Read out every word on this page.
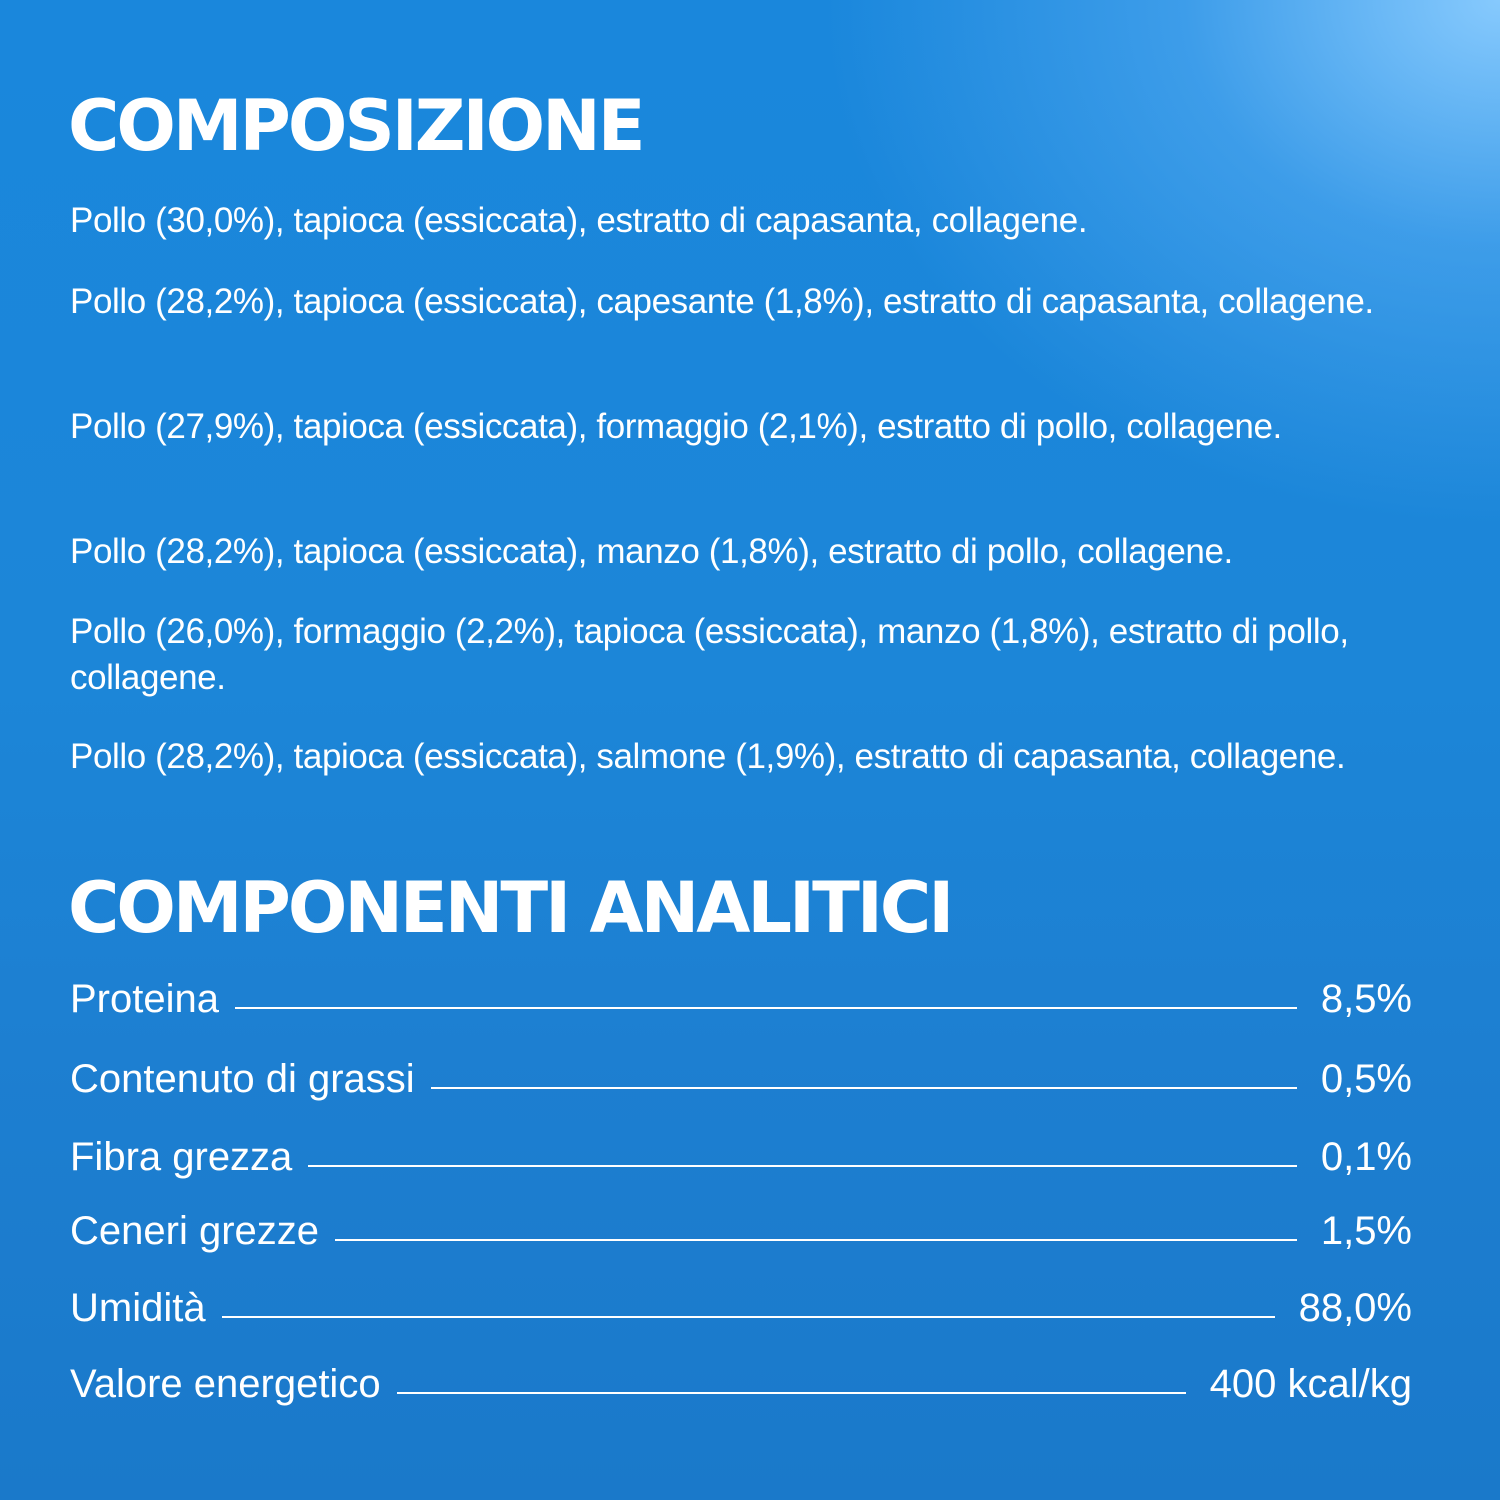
COMPOSIZIONE
Pollo (30,0%), tapioca (essiccata), estratto di capasanta, collagene.
Pollo (28,2%), tapioca (essiccata), capesante (1,8%), estratto di capasanta, collagene.
Pollo (27,9%), tapioca (essiccata), formaggio (2,1%), estratto di pollo, collagene.
Pollo (28,2%), tapioca (essiccata), manzo (1,8%), estratto di pollo, collagene.
Pollo (26,0%), formaggio (2,2%), tapioca (essiccata), manzo (1,8%), estratto di pollo, collagene.
Pollo (28,2%), tapioca (essiccata), salmone (1,9%), estratto di capasanta, collagene.
COMPONENTI ANALITICI
Proteina	8,5%
Contenuto di grassi	0,5%
Fibra grezza	0,1%
Ceneri grezze	1,5%
Umidità	88,0%
Valore energetico	400 kcal/kg
